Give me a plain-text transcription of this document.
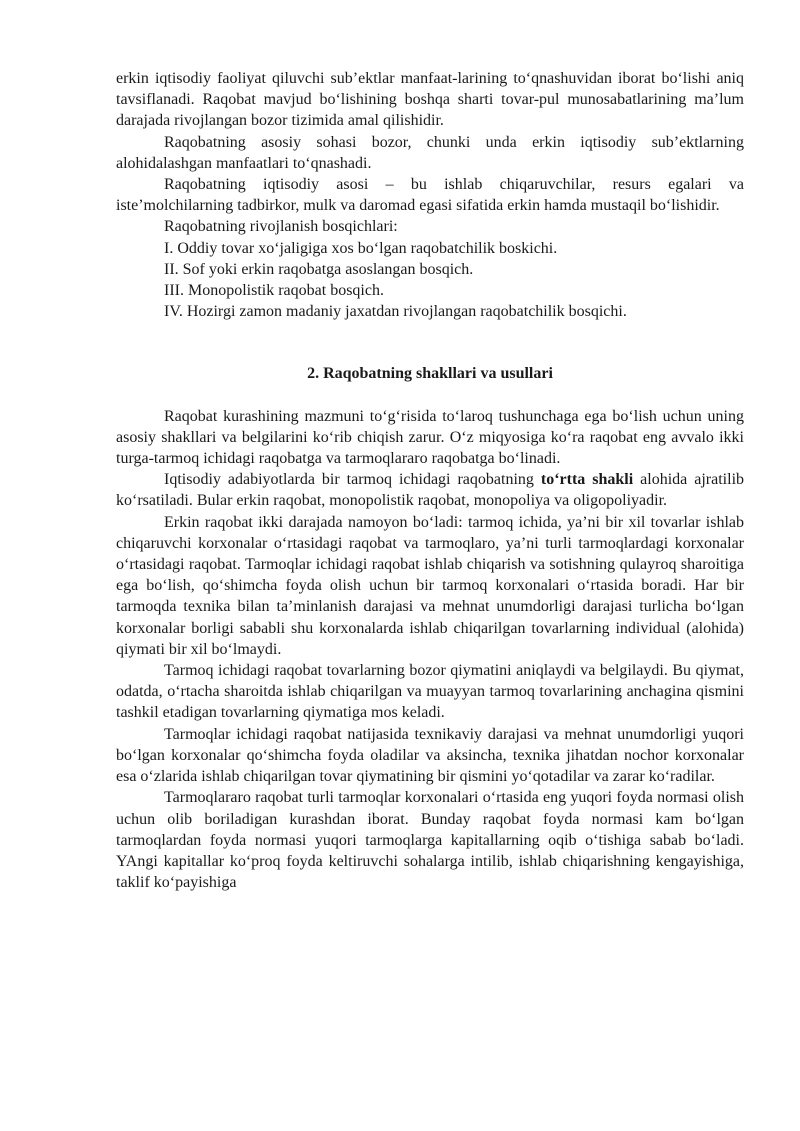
erkin iqtisodiy faoliyat qiluvchi sub’ektlar manfaat-larining to‘qnashuvidan iborat bo‘lishi aniq tavsiflanadi. Raqobat mavjud bo‘lishining boshqa sharti tovar-pul munosabatlarining ma’lum darajada rivojlangan bozor tizimida amal qilishidir.

Raqobatning asosiy sohasi bozor, chunki unda erkin iqtisodiy sub’ektlarning alohidalashgan manfaatlari to‘qnashadi.

Raqobatning iqtisodiy asosi – bu ishlab chiqaruvchilar, resurs egalari va iste’molchilarning tadbirkor, mulk va daromad egasi sifatida erkin hamda mustaqil bo‘lishidir.

Raqobatning rivojlanish bosqichlari:

I. Oddiy tovar xo‘jaligiga xos bo‘lgan raqobatchilik boskichi.

II. Sof yoki erkin raqobatga asoslangan bosqich.

III. Monopolistik raqobat bosqich.

IV. Hozirgi zamon madaniy jaxatdan rivojlangan raqobatchilik bosqichi.

2. Raqobatning shakllari va usullari

Raqobat kurashining mazmuni to‘g‘risida to‘laroq tushunchaga ega bo‘lish uchun uning asosiy shakllari va belgilarini ko‘rib chiqish zarur. O‘z miqyosiga ko‘ra raqobat eng avvalo ikki turga-tarmoq ichidagi raqobatga va tarmoqlararo raqobatga bo‘linadi.

Iqtisodiy adabiyotlarda bir tarmoq ichidagi raqobatning to‘rtta shakli alohida ajratilib ko‘rsatiladi. Bular erkin raqobat, monopolistik raqobat, monopoliya va oligopoliyadir.

Erkin raqobat ikki darajada namoyon bo‘ladi: tarmoq ichida, ya’ni bir xil tovarlar ishlab chiqaruvchi korxonalar o‘rtasidagi raqobat va tarmoqlaro, ya’ni turli tarmoqlardagi korxonalar o‘rtasidagi raqobat. Tarmoqlar ichidagi raqobat ishlab chiqarish va sotishning qulayroq sharoitiga ega bo‘lish, qo‘shimcha foyda olish uchun bir tarmoq korxonalari o‘rtasida boradi. Har bir tarmoqda texnika bilan ta’minlanish darajasi va mehnat unumdorligi darajasi turlicha bo‘lgan korxonalar borligi sababli shu korxonalarda ishlab chiqarilgan tovarlarning individual (alohida) qiymati bir xil bo‘lmaydi.

Tarmoq ichidagi raqobat tovarlarning bozor qiymatini aniqlaydi va belgilaydi. Bu qiymat, odatda, o‘rtacha sharoitda ishlab chiqarilgan va muayyan tarmoq tovarlarining anchagina qismini tashkil etadigan tovarlarning qiymatiga mos keladi.

Tarmoqlar ichidagi raqobat natijasida texnikaviy darajasi va mehnat unumdorligi yuqori bo‘lgan korxonalar qo‘shimcha foyda oladilar va aksincha, texnika jihatdan nochor korxonalar esa o‘zlarida ishlab chiqarilgan tovar qiymatining bir qismini yo‘qotadilar va zarar ko‘radilar.

Tarmoqlararo raqobat turli tarmoqlar korxonalari o‘rtasida eng yuqori foyda normasi olish uchun olib boriladigan kurashdan iborat. Bunday raqobat foyda normasi kam bo‘lgan tarmoqlardan foyda normasi yuqori tarmoqlarga kapitallarning oqib o‘tishiga sabab bo‘ladi. YAngi kapitallar ko‘proq foyda keltiruvchi sohalarga intilib, ishlab chiqarishning kengayishiga, taklif ko‘payishiga
